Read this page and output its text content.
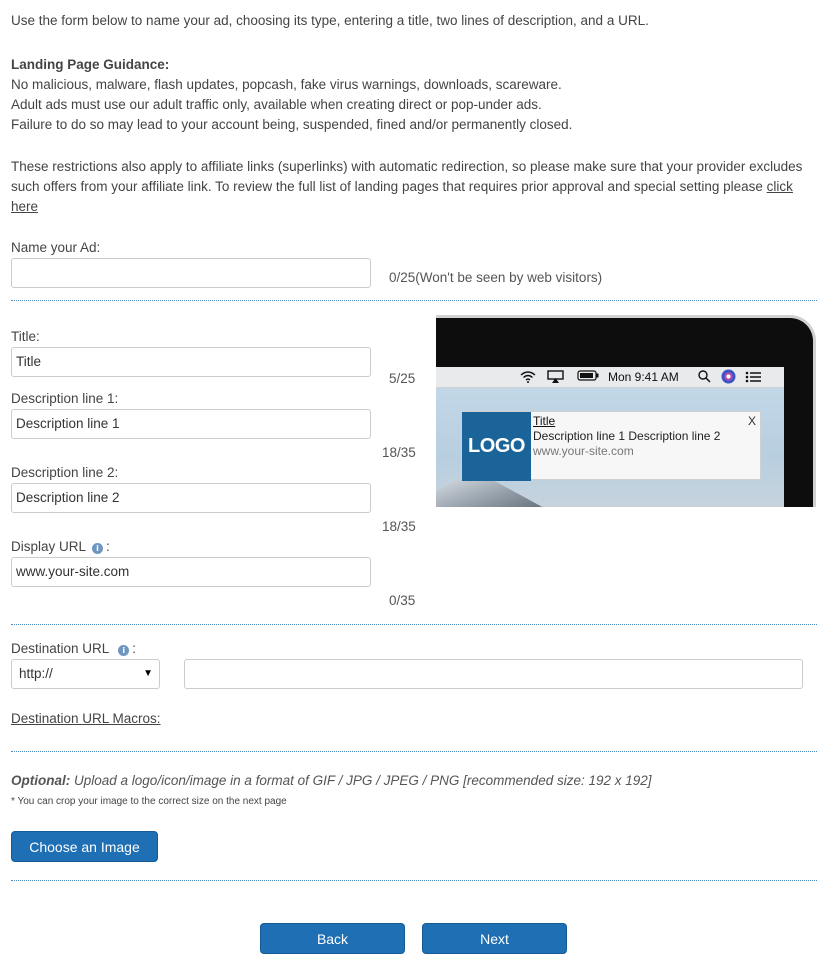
Use the form below to name your ad, choosing its type, entering a title, two lines of description, and a URL.
Landing Page Guidance:
No malicious, malware, flash updates, popcash, fake virus warnings, downloads, scareware.
Adult ads must use our adult traffic only, available when creating direct or pop-under ads.
Failure to do so may lead to your account being, suspended, fined and/or permanently closed.
These restrictions also apply to affiliate links (superlinks) with automatic redirection, so please make sure that your provider excludes such offers from your affiliate link. To review the full list of landing pages that requires prior approval and special setting please click here
Name your Ad:
0/25(Won't be seen by web visitors)
Title:
Title
5/25
Description line 1:
Description line 1
18/35
Description line 2:
Description line 2
18/35
Display URL i :
www.your-site.com
0/35
Destination URL i :
http://	▼
Destination URL Macros:
Optional: Upload a logo/icon/image in a format of GIF / JPG / JPEG / PNG [recommended size: 192 x 192]
* You can crop your image to the correct size on the next page
Choose an Image
Back	Next
Mon 9:41 AM
LOGO
Title
Description line 1 Description line 2
www.your-site.com
X
